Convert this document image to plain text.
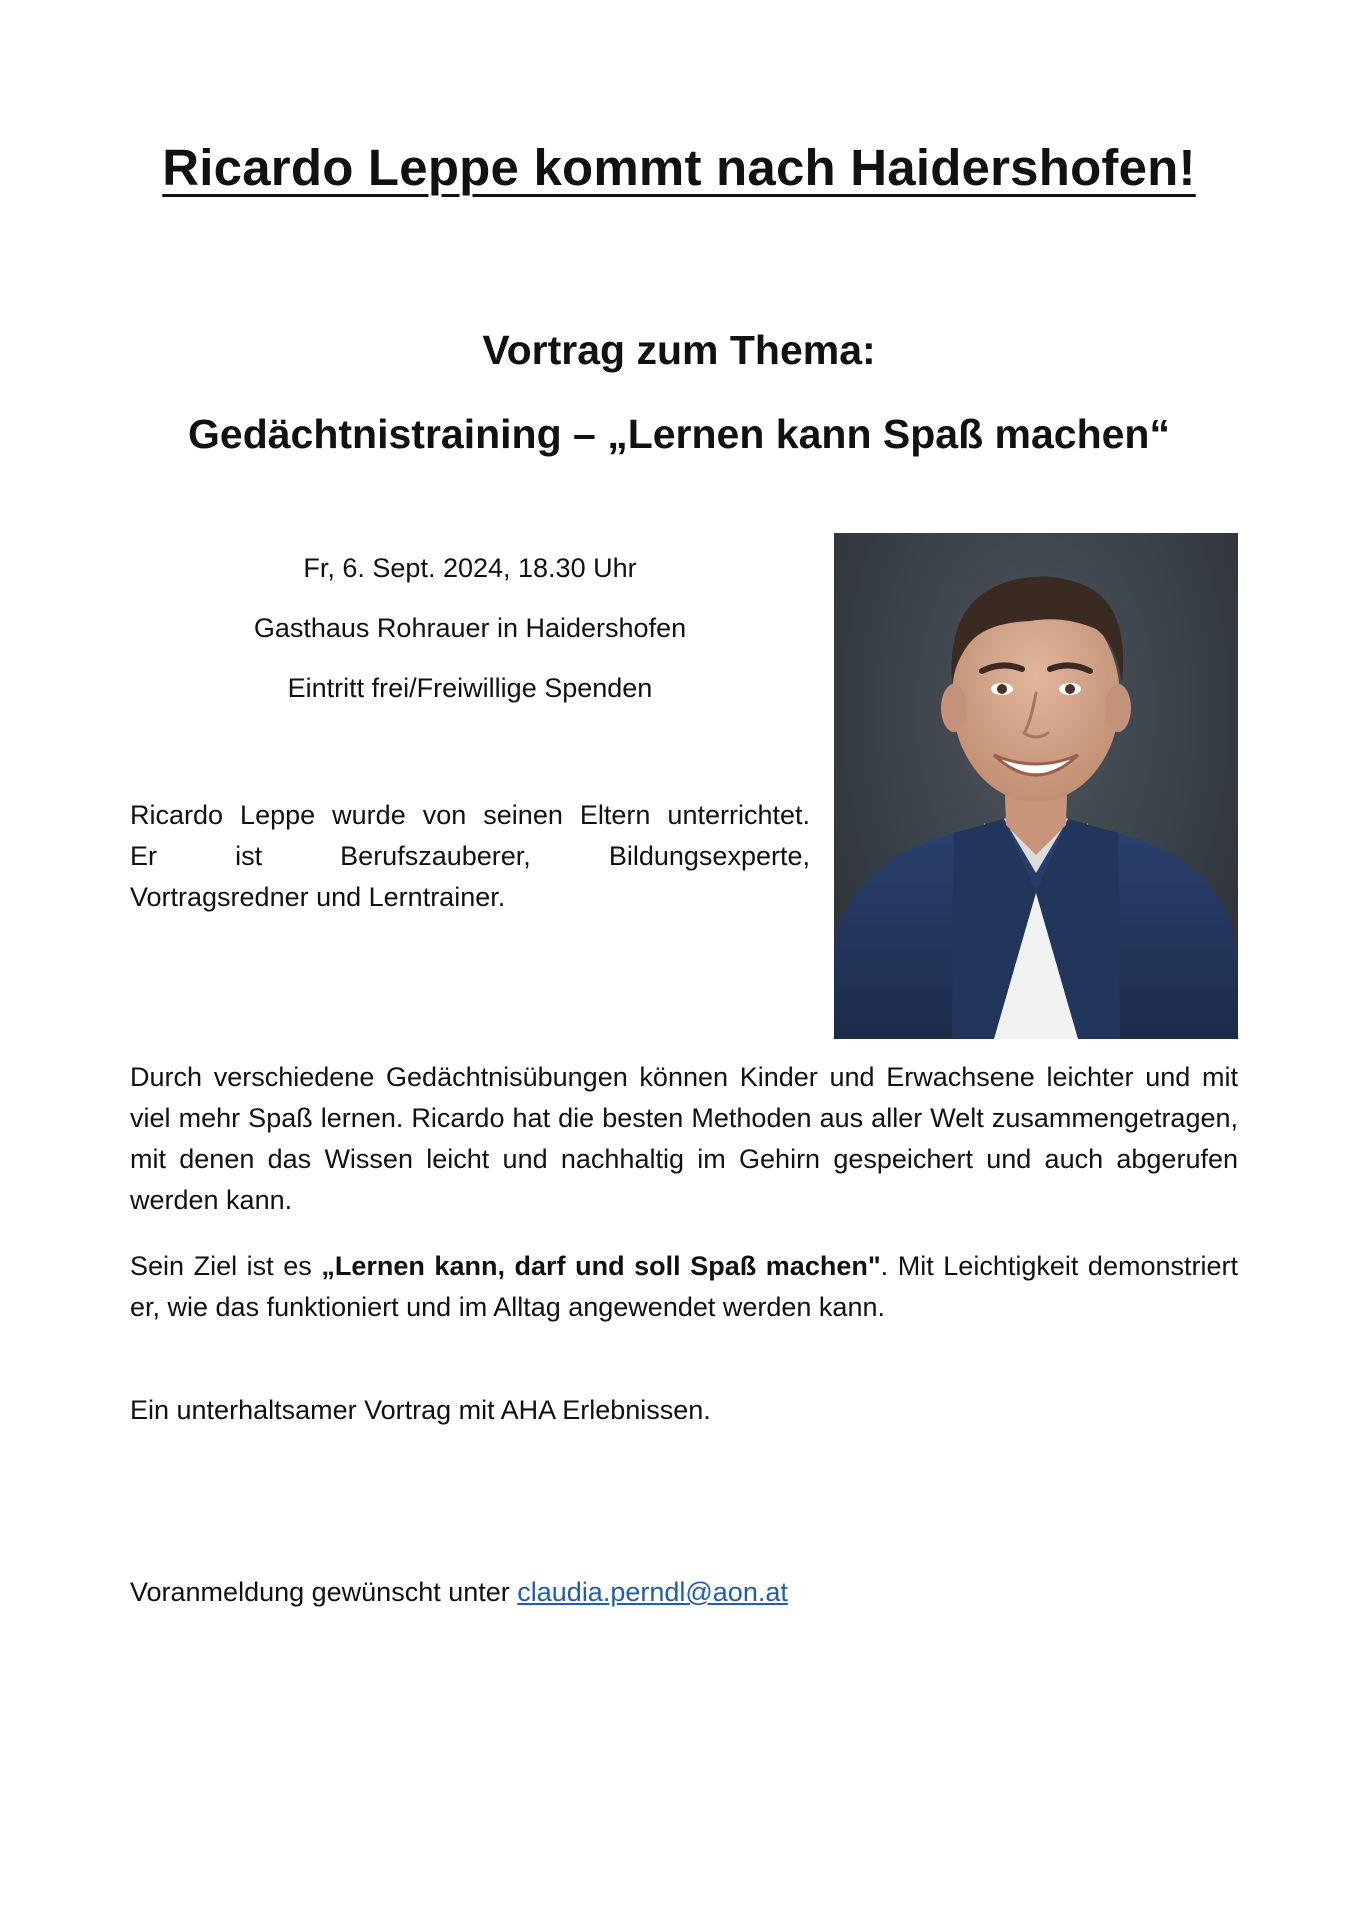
Ricardo Leppe kommt nach Haidershofen!
Vortrag zum Thema:
Gedächtnistraining – „Lernen kann Spaß machen“
Fr, 6. Sept. 2024, 18.30 Uhr
Gasthaus Rohrauer in Haidershofen
Eintritt frei/Freiwillige Spenden
Ricardo Leppe wurde von seinen Eltern unterrichtet.
Er ist Berufszauberer, Bildungsexperte,
Vortragsredner und Lerntrainer.
Durch verschiedene Gedächtnisübungen können Kinder und Erwachsene leichter und mit viel mehr Spaß lernen. Ricardo hat die besten Methoden aus aller Welt zusammengetragen, mit denen das Wissen leicht und nachhaltig im Gehirn gespeichert und auch abgerufen werden kann.
Sein Ziel ist es „Lernen kann, darf und soll Spaß machen". Mit Leichtigkeit demonstriert er, wie das funktioniert und im Alltag angewendet werden kann.
Ein unterhaltsamer Vortrag mit AHA Erlebnissen.
Voranmeldung gewünscht unter claudia.perndl@aon.at
